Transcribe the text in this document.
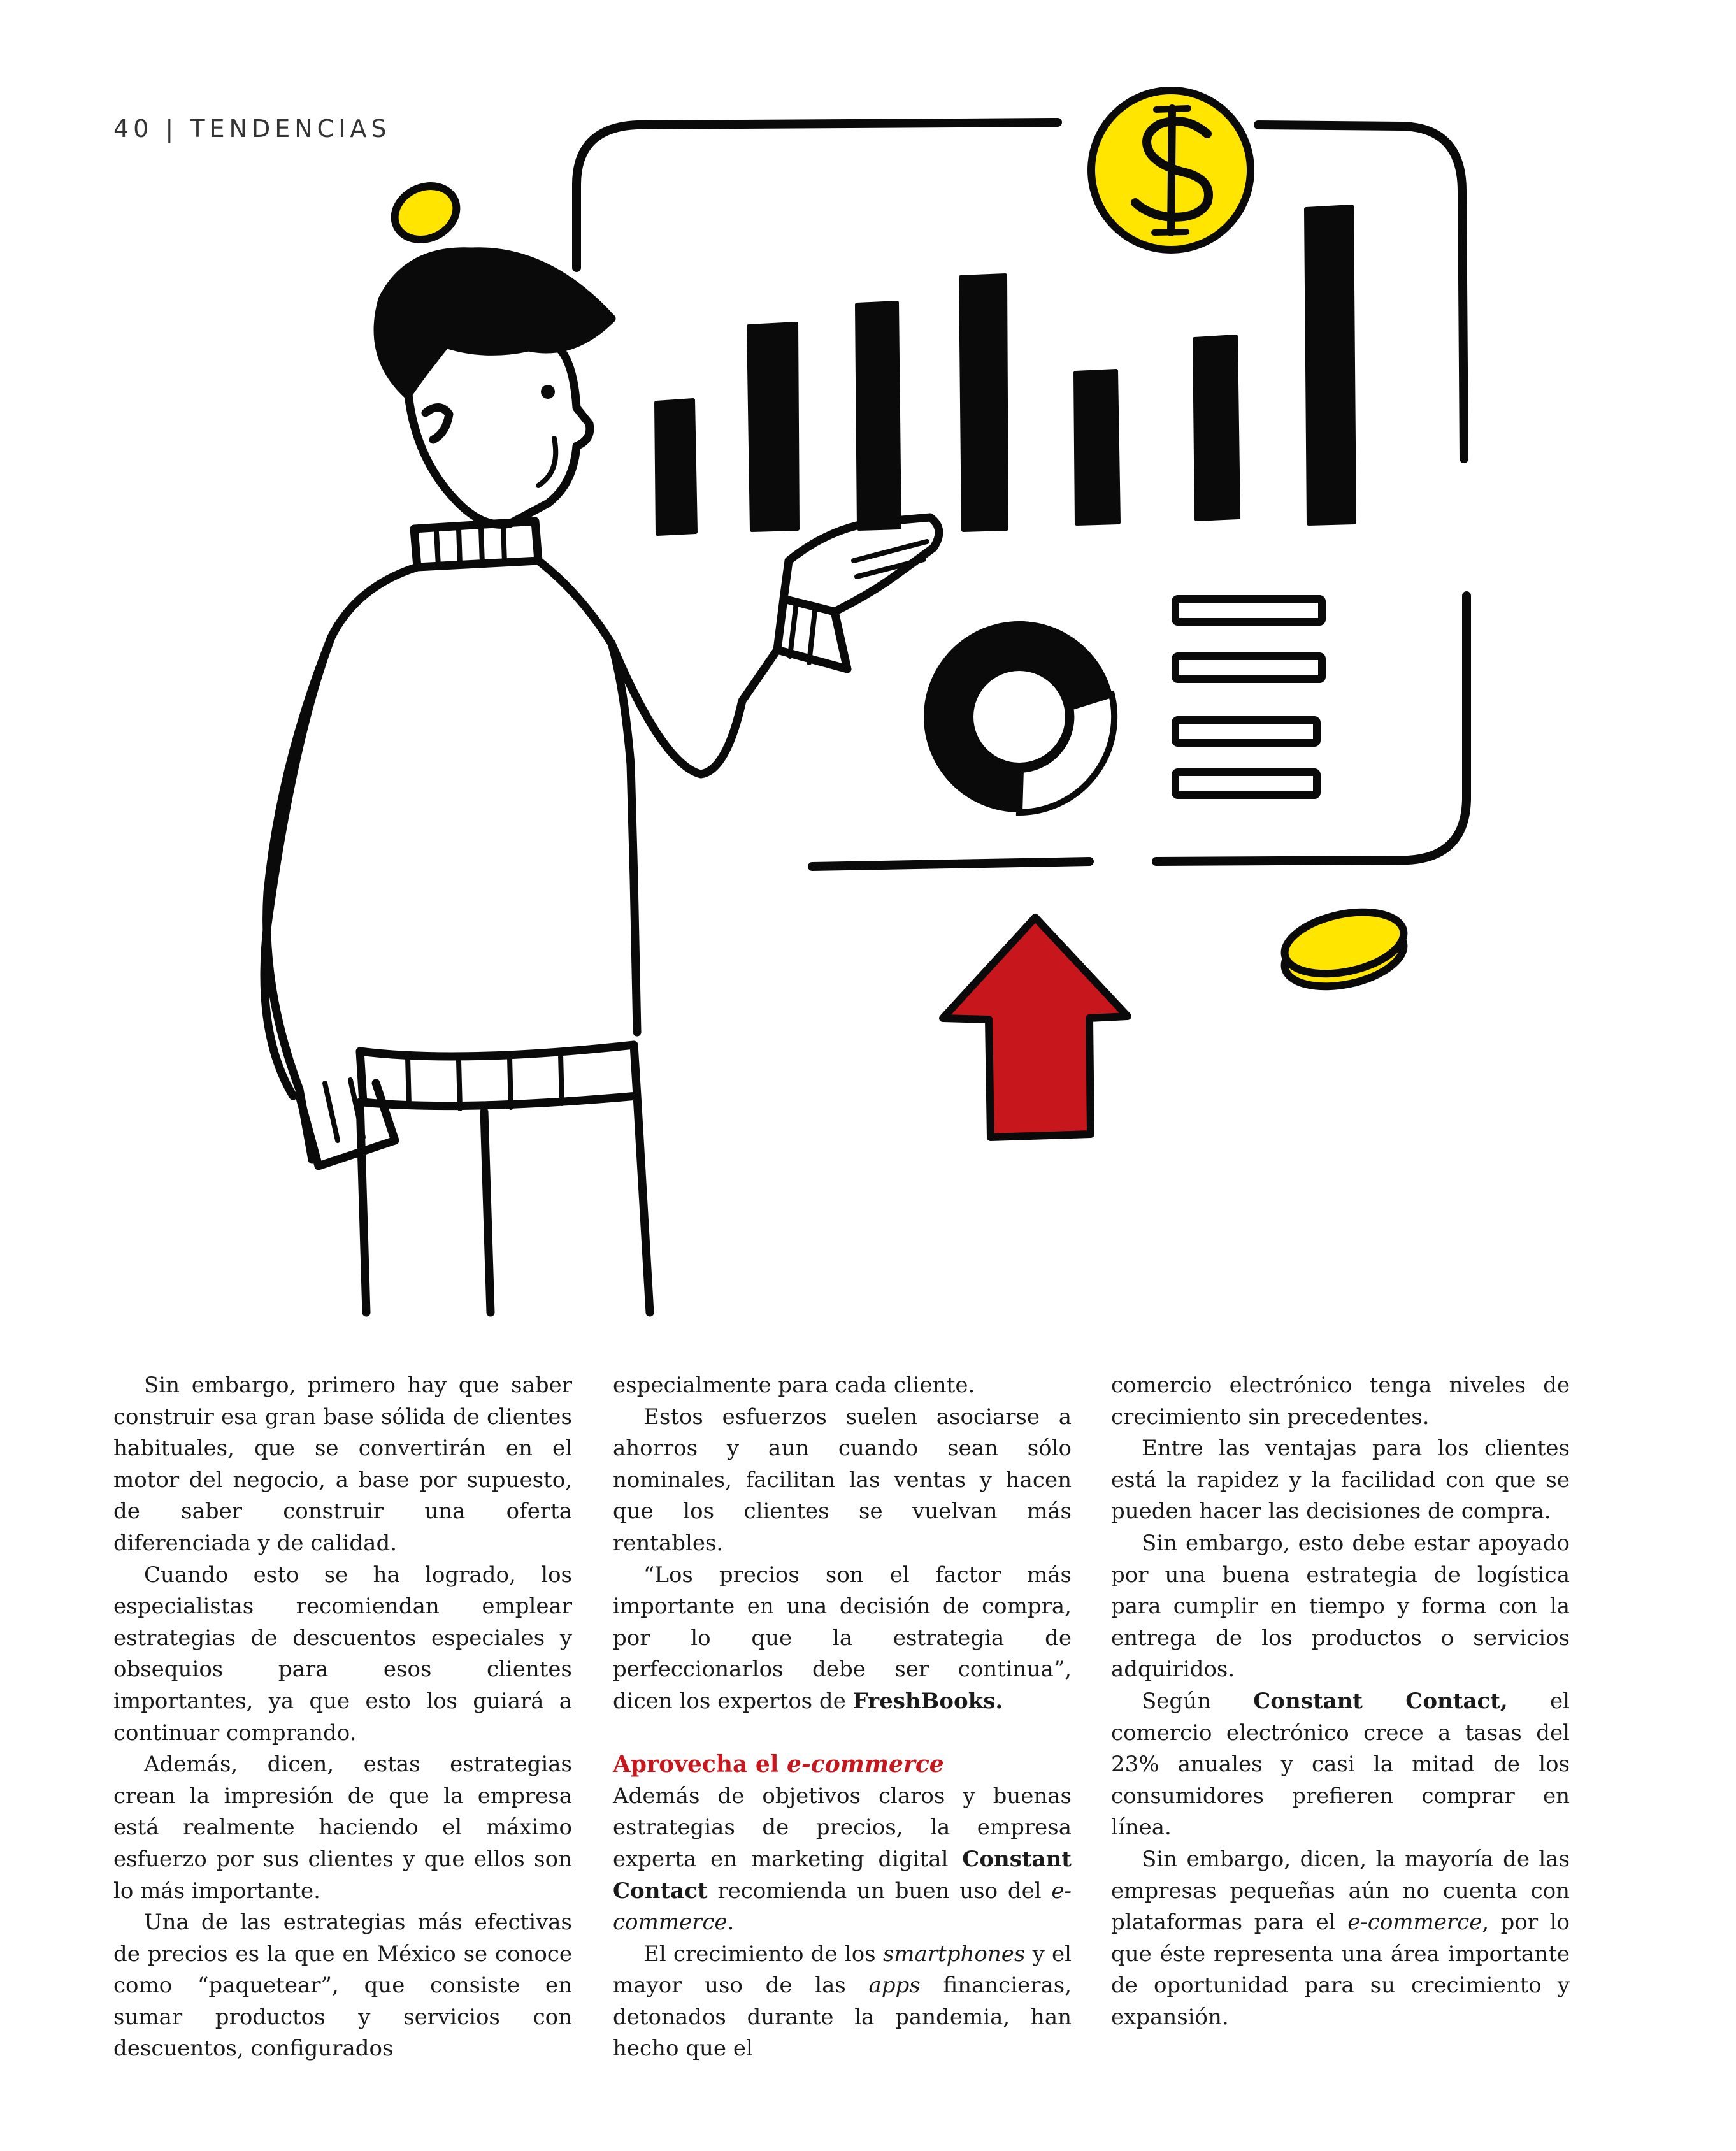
40 | TENDENCIAS

Sin embargo, primero hay que saber construir esa gran base sólida de clientes habituales, que se convertirán en el motor del negocio, a base por supuesto, de saber construir una oferta diferenciada y de calidad.

Cuando esto se ha logrado, los especialistas recomiendan emplear estrategias de descuentos especiales y obsequios para esos clientes importantes, ya que esto los guiará a continuar comprando.

Además, dicen, estas estrategias crean la impresión de que la empresa está realmente haciendo el máximo esfuerzo por sus clientes y que ellos son lo más importante.

Una de las estrategias más efectivas de precios es la que en México se conoce como “paquetear”, que consiste en sumar productos y servicios con descuentos, configurados

especialmente para cada cliente.

Estos esfuerzos suelen asociarse a ahorros y aun cuando sean sólo nominales, facilitan las ventas y hacen que los clientes se vuelvan más rentables.

“Los precios son el factor más importante en una decisión de compra, por lo que la estrategia de perfeccionarlos debe ser continua”, dicen los expertos de FreshBooks.

Aprovecha el e-commerce

Además de objetivos claros y buenas estrategias de precios, la empresa experta en marketing digital Constant Contact recomienda un buen uso del e-commerce.

El crecimiento de los smartphones y el mayor uso de las apps financieras, detonados durante la pandemia, han hecho que el

comercio electrónico tenga niveles de crecimiento sin precedentes.

Entre las ventajas para los clientes está la rapidez y la facilidad con que se pueden hacer las decisiones de compra.

Sin embargo, esto debe estar apoyado por una buena estrategia de logística para cumplir en tiempo y forma con la entrega de los productos o servicios adquiridos.

Según Constant Contact, el comercio electrónico crece a tasas del 23% anuales y casi la mitad de los consumidores prefieren comprar en línea.

Sin embargo, dicen, la mayoría de las empresas pequeñas aún no cuenta con plataformas para el e-commerce, por lo que éste representa una área importante de oportunidad para su crecimiento y expansión.
